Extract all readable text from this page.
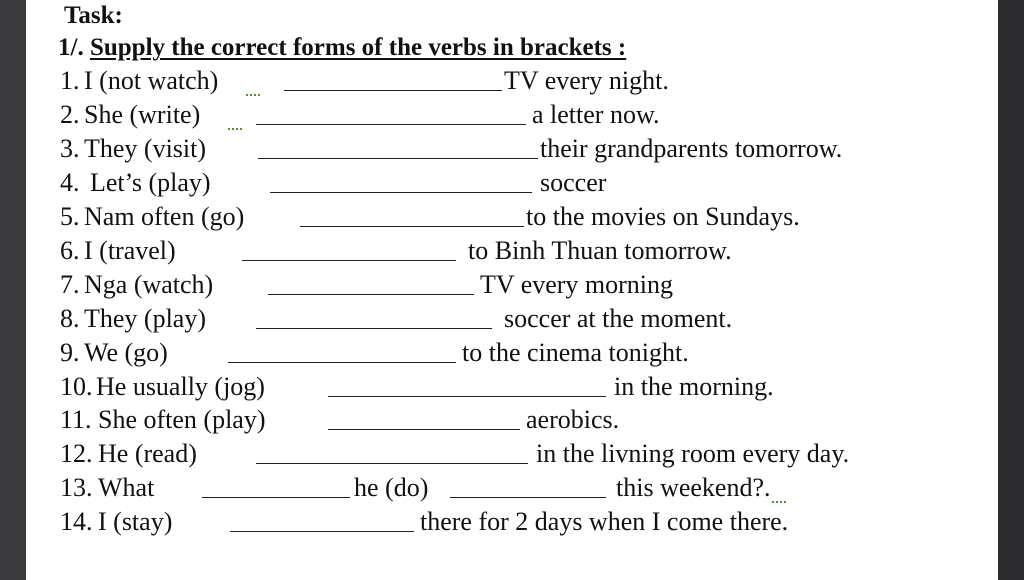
Task:
1/. Supply the correct forms of the verbs in brackets :
1. I (not watch)	TV every night.
2. She (write)	a letter now.
3. They (visit)	their grandparents tomorrow.
4. Let’s (play)	soccer
5. Nam often (go)	to the movies on Sundays.
6. I (travel)	to Binh Thuan tomorrow.
7. Nga (watch)	TV every morning
8. They (play)	soccer at the moment.
9. We (go)	to the cinema tonight.
10. He usually (jog)	in the morning.
11. She often (play)	aerobics.
12. He (read)	in the livning room every day.
13. What	he (do)	this weekend?.
14. I (stay)	there for 2 days when I come there.
